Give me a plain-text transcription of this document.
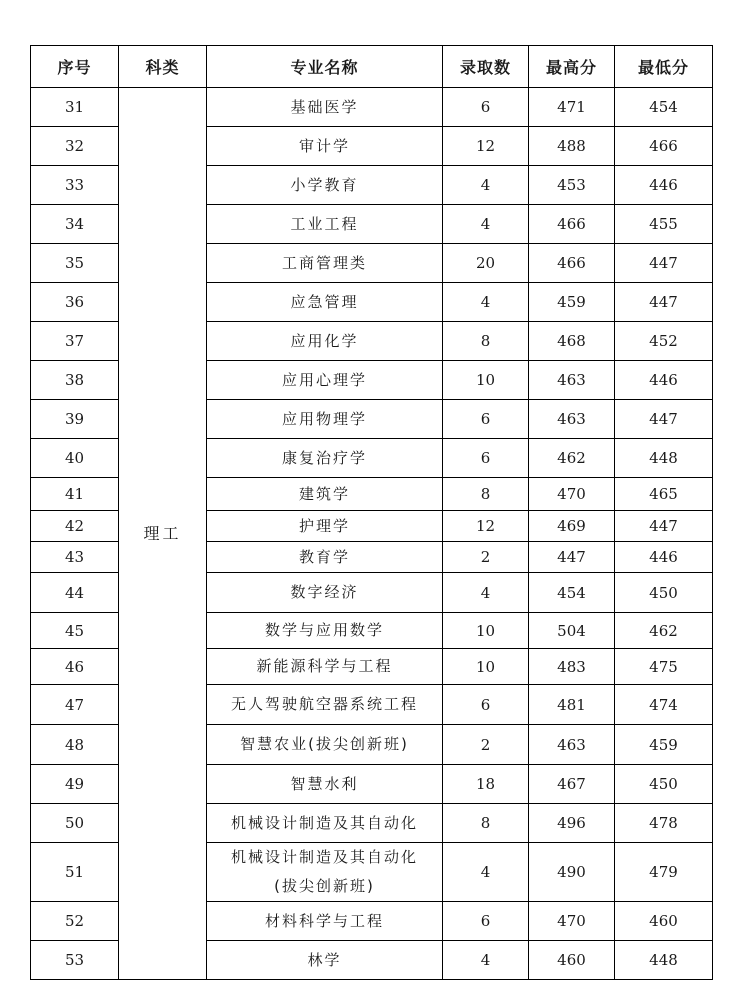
序号	科类	专业名称	录取数	最高分	最低分
31	理工	基础医学	6	471	454
32		审计学	12	488	466
33		小学教育	4	453	446
34		工业工程	4	466	455
35		工商管理类	20	466	447
36		应急管理	4	459	447
37		应用化学	8	468	452
38		应用心理学	10	463	446
39		应用物理学	6	463	447
40		康复治疗学	6	462	448
41		建筑学	8	470	465
42		护理学	12	469	447
43		教育学	2	447	446
44		数字经济	4	454	450
45		数学与应用数学	10	504	462
46		新能源科学与工程	10	483	475
47		无人驾驶航空器系统工程	6	481	474
48		智慧农业(拔尖创新班)	2	463	459
49		智慧水利	18	467	450
50		机械设计制造及其自动化	8	496	478
51		机械设计制造及其自动化
(拔尖创新班)	4	490	479
52		材料科学与工程	6	470	460
53		林学	4	460	448
